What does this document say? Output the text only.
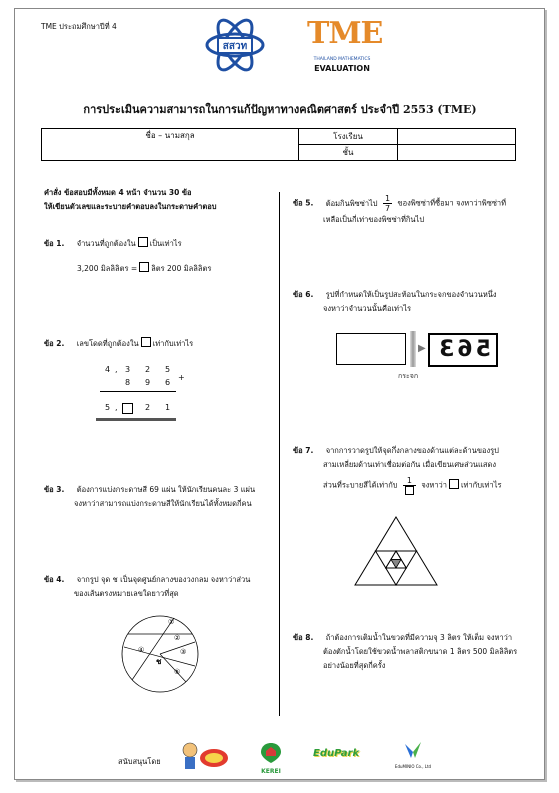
TME ประถมศึกษาปีที่ 4
สสวท TME
THAILAND MATHEMATICS
EVALUATION
การประเมินความสามารถในการแก้ปัญหาทางคณิตศาสตร์ ประจำปี 2553 (TME)
ชื่อ – นามสกุล	โรงเรียน	
	ชั้น	
คำสั่ง ข้อสอบมีทั้งหมด 4 หน้า จำนวน 30 ข้อ
ให้เขียนตัวเลขและระบายคำตอบลงในกระดาษคำตอบ
ข้อ 1. จำนวนที่ถูกต้องใน เป็นเท่าไร
3,200 มิลลิลิตร = ลิตร 200 มิลลิลิตร
ข้อ 2. เลขโดดที่ถูกต้องใน เท่ากับเท่าไร
4 , 3 2 5
8 9 6
+
5 ,	2 1
ข้อ 3. ต้องการแบ่งกระดาษสี 69 แผ่น ให้นักเรียนคนละ 3 แผ่น
จงหาว่าสามารถแบ่งกระดาษสีให้นักเรียนได้ทั้งหมดกี่คน
ข้อ 4. จากรูป จุด ช เป็นจุดศูนย์กลางของวงกลม จงหาว่าส่วน
ของเส้นตรงหมายเลขใดยาวที่สุด
①
②
③
④
⑤
ช
ข้อ 5. ต้อมกินพิซซ่าไป $\frac{1}{7}$ ของพิซซ่าที่ซื้อมา จงหาว่าพิซซ่าที่
เหลือเป็นกี่เท่าของพิซซ่าที่กินไป
ข้อ 6. รูปที่กำหนดให้เป็นรูปสะท้อนในกระจกของจำนวนหนึ่ง
จงหาว่าจำนวนนั้นคือเท่าไร
▶ 563
กระจก
ข้อ 7. จากการวาดรูปให้จุดกึ่งกลางของด้านแต่ละด้านของรูป
สามเหลี่ยมด้านเท่าเชื่อมต่อกัน เมื่อเขียนเศษส่วนแสดง
ส่วนที่ระบายสีได้เท่ากับ	1	จงหาว่า เท่ากับเท่าไร
ข้อ 8. ถ้าต้องการเติมน้ำในขวดที่มีความจุ 3 ลิตร ให้เต็ม จงหาว่า
ต้องตักน้ำโดยใช้ขวดน้ำพลาสติกขนาด 1 ลิตร 500 มิลลิลิตร
อย่างน้อยที่สุดกี่ครั้ง
สนับสนุนโดย
KEREI
EduPark
EduMINIO Co., Ltd
